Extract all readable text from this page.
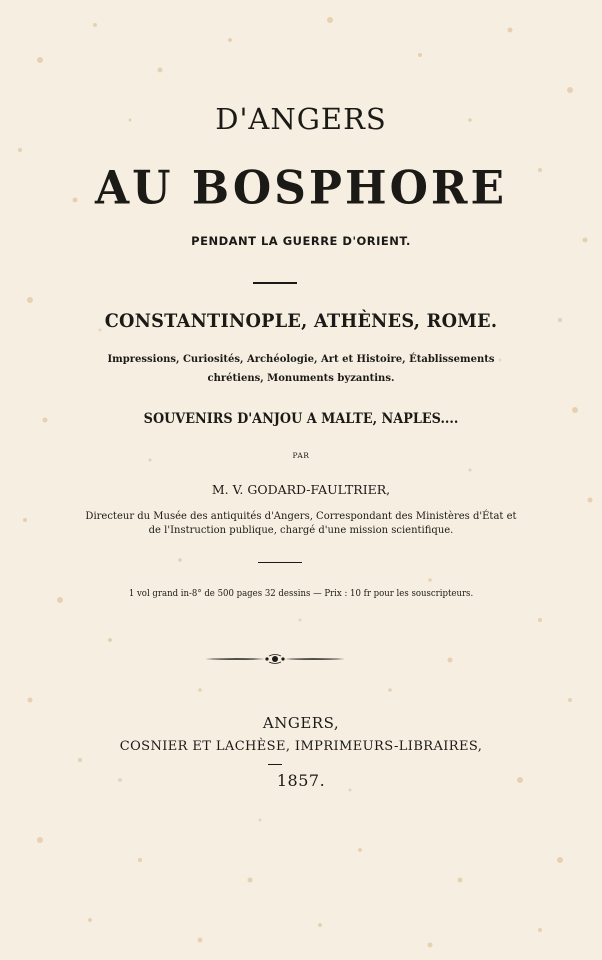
D'ANGERS
AU BOSPHORE
PENDANT LA GUERRE D'ORIENT.
CONSTANTINOPLE, ATHÈNES, ROME.
Impressions, Curiosités, Archéologie, Art et Histoire, Établissements
chrétiens, Monuments byzantins.
SOUVENIRS D'ANJOU A MALTE, NAPLES....
PAR
M. V. GODARD-FAULTRIER,
Directeur du Musée des antiquités d'Angers, Correspondant des Ministères d'État et
de l'Instruction publique, chargé d'une mission scientifique.
1 vol grand in-8° de 500 pages 32 dessins — Prix : 10 fr pour les souscripteurs.
ANGERS,
COSNIER ET LACHÈSE, IMPRIMEURS-LIBRAIRES,
1857.
